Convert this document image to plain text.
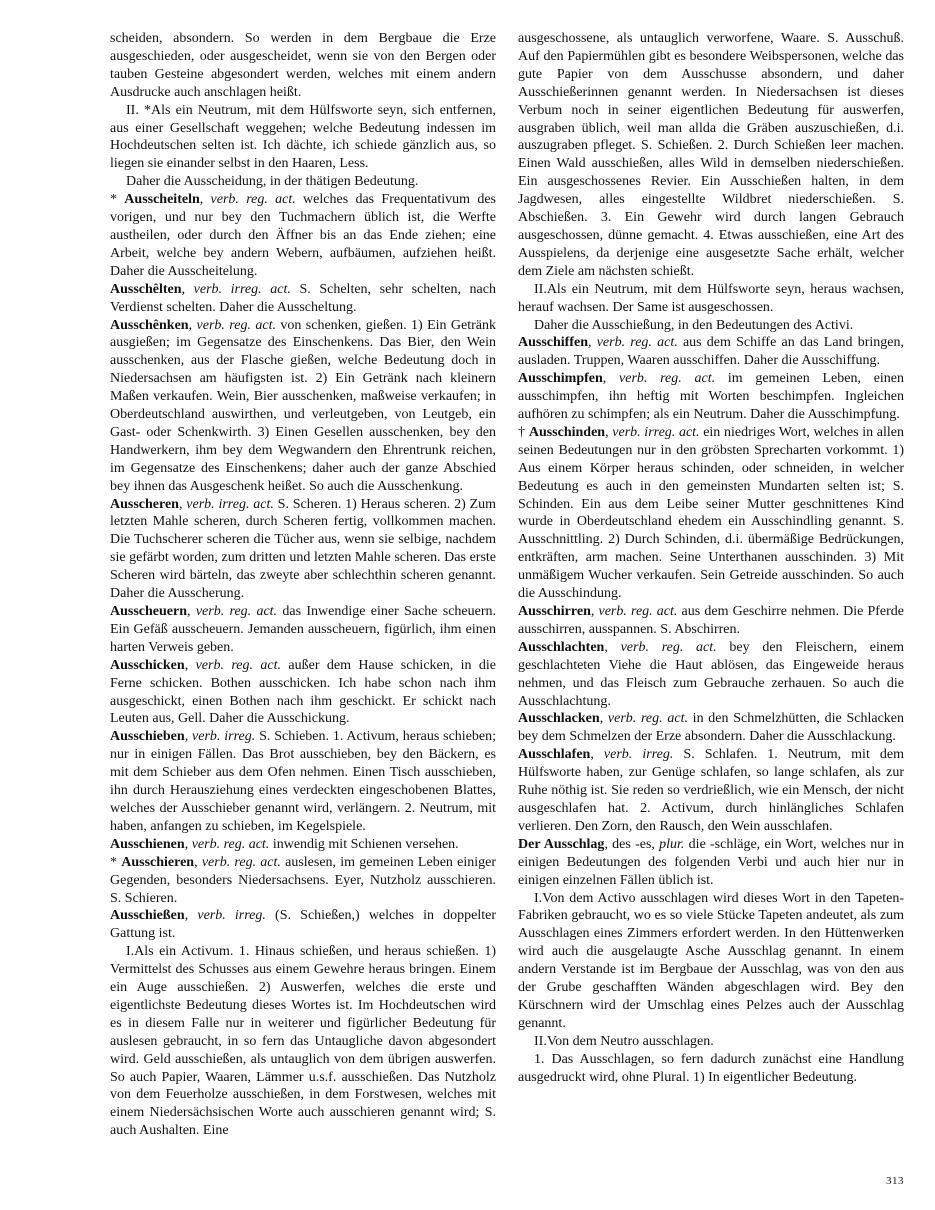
scheiden, absondern. So werden in dem Bergbaue die Erze ausgeschieden, oder ausgescheidet, wenn sie von den Bergen oder tauben Gesteine abgesondert werden, welches mit einem andern Ausdrucke auch anschlagen heißt.

II. *Als ein Neutrum, mit dem Hülfsworte seyn, sich entfernen, aus einer Gesellschaft weggehen; welche Bedeutung indessen im Hochdeutschen selten ist. Ich dächte, ich schiede gänzlich aus, so liegen sie einander selbst in den Haaren, Less.

Daher die Ausscheidung, in der thätigen Bedeutung.

* Ausscheiteln, verb. reg. act. welches das Frequentativum des vorigen, und nur bey den Tuchmachern üblich ist, die Werfte austheilen, oder durch den Äffner bis an das Ende ziehen; eine Arbeit, welche bey andern Webern, aufbäumen, aufziehen heißt. Daher die Ausscheitelung.

Ausschêlten, verb. irreg. act. S. Schelten, sehr schelten, nach Verdienst schelten. Daher die Ausscheltung.

Ausschênken, verb. reg. act. von schenken, gießen. 1) Ein Getränk ausgießen; im Gegensatze des Einschenkens. Das Bier, den Wein ausschenken, aus der Flasche gießen, welche Bedeutung doch in Niedersachsen am häufigsten ist. 2) Ein Getränk nach kleinern Maßen verkaufen. Wein, Bier ausschenken, maßweise verkaufen; in Oberdeutschland auswirthen, und verleutgeben, von Leutgeb, ein Gast- oder Schenkwirth. 3) Einen Gesellen ausschenken, bey den Handwerkern, ihm bey dem Wegwandern den Ehrentrunk reichen, im Gegensatze des Einschenkens; daher auch der ganze Abschied bey ihnen das Ausgeschenk heißet. So auch die Ausschenkung.

Ausscheren, verb. irreg. act. S. Scheren. 1) Heraus scheren. 2) Zum letzten Mahle scheren, durch Scheren fertig, vollkommen machen. Die Tuchscherer scheren die Tücher aus, wenn sie selbige, nachdem sie gefärbt worden, zum dritten und letzten Mahle scheren. Das erste Scheren wird bärteln, das zweyte aber schlechthin scheren genannt. Daher die Ausscherung.

Ausscheuern, verb. reg. act. das Inwendige einer Sache scheuern. Ein Gefäß ausscheuern. Jemanden ausscheuern, figürlich, ihm einen harten Verweis geben.

Ausschicken, verb. reg. act. außer dem Hause schicken, in die Ferne schicken. Bothen ausschicken. Ich habe schon nach ihm ausgeschickt, einen Bothen nach ihm geschickt. Er schickt nach Leuten aus, Gell. Daher die Ausschickung.

Ausschieben, verb. irreg. S. Schieben. 1. Activum, heraus schieben; nur in einigen Fällen. Das Brot ausschieben, bey den Bäckern, es mit dem Schieber aus dem Ofen nehmen. Einen Tisch ausschieben, ihn durch Herausziehung eines verdeckten eingeschobenen Blattes, welches der Ausschieber genannt wird, verlängern. 2. Neutrum, mit haben, anfangen zu schieben, im Kegelspiele.

Ausschienen, verb. reg. act. inwendig mit Schienen versehen.

* Ausschieren, verb. reg. act. auslesen, im gemeinen Leben einiger Gegenden, besonders Niedersachsens. Eyer, Nutzholz ausschieren. S. Schieren.

Ausschießen, verb. irreg. (S. Schießen,) welches in doppelter Gattung ist.

I.Als ein Activum. 1. Hinaus schießen, und heraus schießen. 1) Vermittelst des Schusses aus einem Gewehre heraus bringen. Einem ein Auge ausschießen. 2) Auswerfen, welches die erste und eigentlichste Bedeutung dieses Wortes ist. Im Hochdeutschen wird es in diesem Falle nur in weiterer und figürlicher Bedeutung für auslesen gebraucht, in so fern das Untaugliche davon abgesondert wird. Geld ausschießen, als untauglich von dem übrigen auswerfen. So auch Papier, Waaren, Lämmer u.s.f. ausschießen. Das Nutzholz von dem Feuerholze ausschießen, in dem Forstwesen, welches mit einem Niedersächsischen Worte auch ausschieren genannt wird; S. auch Aushalten. Eine

ausgeschossene, als untauglich verworfene, Waare. S. Ausschuß. Auf den Papiermühlen gibt es besondere Weibspersonen, welche das gute Papier von dem Ausschusse absondern, und daher Ausschießerinnen genannt werden. In Niedersachsen ist dieses Verbum noch in seiner eigentlichen Bedeutung für auswerfen, ausgraben üblich, weil man allda die Gräben auszuschießen, d.i. auszugraben pfleget. S. Schießen. 2. Durch Schießen leer machen. Einen Wald ausschießen, alles Wild in demselben niederschießen. Ein ausgeschossenes Revier. Ein Ausschießen halten, in dem Jagdwesen, alles eingestellte Wildbret niederschießen. S. Abschießen. 3. Ein Gewehr wird durch langen Gebrauch ausgeschossen, dünne gemacht. 4. Etwas ausschießen, eine Art des Ausspielens, da derjenige eine ausgesetzte Sache erhält, welcher dem Ziele am nächsten schießt.

II.Als ein Neutrum, mit dem Hülfsworte seyn, heraus wachsen, herauf wachsen. Der Same ist ausgeschossen.

Daher die Ausschießung, in den Bedeutungen des Activi.

Ausschiffen, verb. reg. act. aus dem Schiffe an das Land bringen, ausladen. Truppen, Waaren ausschiffen. Daher die Ausschiffung.

Ausschimpfen, verb. reg. act. im gemeinen Leben, einen ausschimpfen, ihn heftig mit Worten beschimpfen. Ingleichen aufhören zu schimpfen; als ein Neutrum. Daher die Ausschimpfung.

† Ausschinden, verb. irreg. act. ein niedriges Wort, welches in allen seinen Bedeutungen nur in den gröbsten Sprecharten vorkommt. 1) Aus einem Körper heraus schinden, oder schneiden, in welcher Bedeutung es auch in den gemeinsten Mundarten selten ist; S. Schinden. Ein aus dem Leibe seiner Mutter geschnittenes Kind wurde in Oberdeutschland ehedem ein Ausschindling genannt. S. Ausschnittling. 2) Durch Schinden, d.i. übermäßige Bedrückungen, entkräften, arm machen. Seine Unterthanen ausschinden. 3) Mit unmäßigem Wucher verkaufen. Sein Getreide ausschinden. So auch die Ausschindung.

Ausschirren, verb. reg. act. aus dem Geschirre nehmen. Die Pferde ausschirren, ausspannen. S. Abschirren.

Ausschlachten, verb. reg. act. bey den Fleischern, einem geschlachteten Viehe die Haut ablösen, das Eingeweide heraus nehmen, und das Fleisch zum Gebrauche zerhauen. So auch die Ausschlachtung.

Ausschlacken, verb. reg. act. in den Schmelzhütten, die Schlacken bey dem Schmelzen der Erze absondern. Daher die Ausschlackung.

Ausschlafen, verb. irreg. S. Schlafen. 1. Neutrum, mit dem Hülfsworte haben, zur Genüge schlafen, so lange schlafen, als zur Ruhe nöthig ist. Sie reden so verdrießlich, wie ein Mensch, der nicht ausgeschlafen hat. 2. Activum, durch hinlängliches Schlafen verlieren. Den Zorn, den Rausch, den Wein ausschlafen.

Der Ausschlag, des -es, plur. die -schläge, ein Wort, welches nur in einigen Bedeutungen des folgenden Verbi und auch hier nur in einigen einzelnen Fällen üblich ist.

I.Von dem Activo ausschlagen wird dieses Wort in den Tapeten-Fabriken gebraucht, wo es so viele Stücke Tapeten andeutet, als zum Ausschlagen eines Zimmers erfordert werden. In den Hüttenwerken wird auch die ausgelaugte Asche Ausschlag genannt. In einem andern Verstande ist im Bergbaue der Ausschlag, was von den aus der Grube geschafften Wänden abgeschlagen wird. Bey den Kürschnern wird der Umschlag eines Pelzes auch der Ausschlag genannt.

II.Von dem Neutro ausschlagen.

1. Das Ausschlagen, so fern dadurch zunächst eine Handlung ausgedruckt wird, ohne Plural. 1) In eigentlicher Bedeutung.

313
